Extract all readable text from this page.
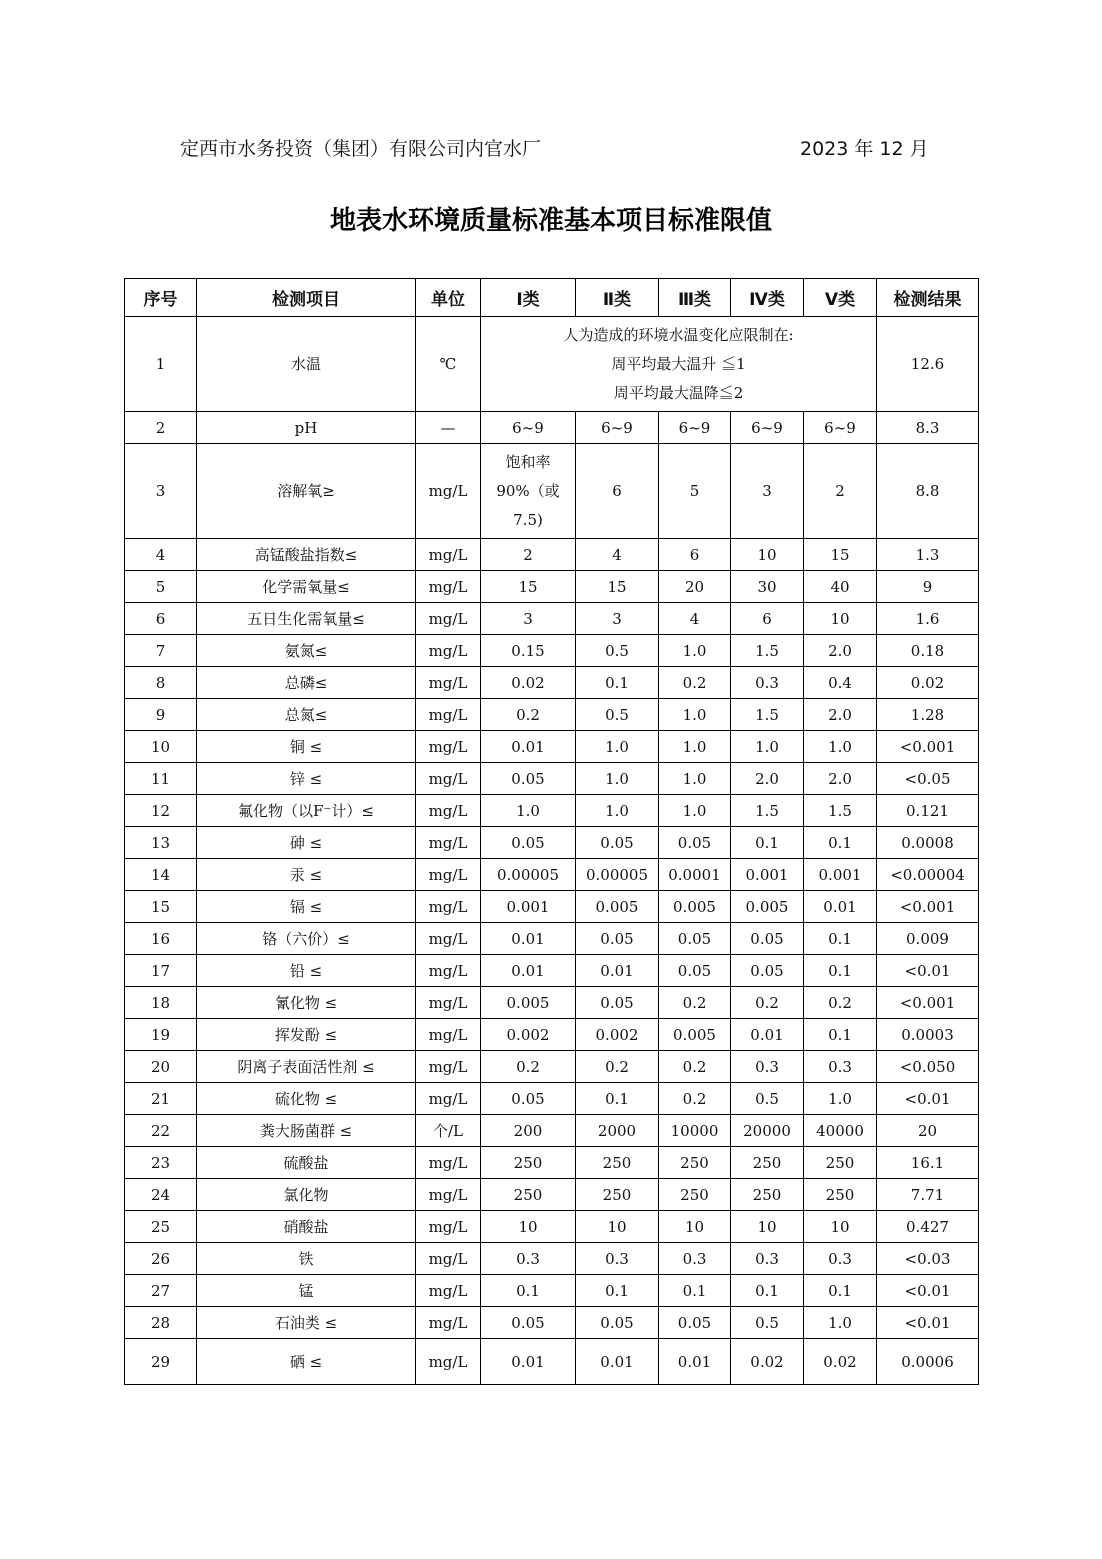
定西市水务投资（集团）有限公司内官水厂	2023 年 12 月
地表水环境质量标准基本项目标准限值
序号	检测项目	单位	Ⅰ类	Ⅱ类	Ⅲ类	Ⅳ类	Ⅴ类	检测结果
1	水温	℃	人为造成的环境水温变化应限制在:
周平均最大温升 ≦1
周平均最大温降≦2					12.6
2	pH	—	6~9	6~9	6~9	6~9	6~9	8.3
3	溶解氧≥	mg/L	饱和率
90%（或
7.5)	6	5	3	2	8.8
4	高锰酸盐指数≤	mg/L	2	4	6	10	15	1.3
5	化学需氧量≤	mg/L	15	15	20	30	40	9
6	五日生化需氧量≤	mg/L	3	3	4	6	10	1.6
7	氨氮≤	mg/L	0.15	0.5	1.0	1.5	2.0	0.18
8	总磷≤	mg/L	0.02	0.1	0.2	0.3	0.4	0.02
9	总氮≤	mg/L	0.2	0.5	1.0	1.5	2.0	1.28
10	铜 ≤	mg/L	0.01	1.0	1.0	1.0	1.0	<0.001
11	锌 ≤	mg/L	0.05	1.0	1.0	2.0	2.0	<0.05
12	氟化物（以F⁻计）≤	mg/L	1.0	1.0	1.0	1.5	1.5	0.121
13	砷 ≤	mg/L	0.05	0.05	0.05	0.1	0.1	0.0008
14	汞 ≤	mg/L	0.00005	0.00005	0.0001	0.001	0.001	<0.00004
15	镉 ≤	mg/L	0.001	0.005	0.005	0.005	0.01	<0.001
16	铬（六价）≤	mg/L	0.01	0.05	0.05	0.05	0.1	0.009
17	铅 ≤	mg/L	0.01	0.01	0.05	0.05	0.1	<0.01
18	氰化物 ≤	mg/L	0.005	0.05	0.2	0.2	0.2	<0.001
19	挥发酚 ≤	mg/L	0.002	0.002	0.005	0.01	0.1	0.0003
20	阴离子表面活性剂 ≤	mg/L	0.2	0.2	0.2	0.3	0.3	<0.050
21	硫化物 ≤	mg/L	0.05	0.1	0.2	0.5	1.0	<0.01
22	粪大肠菌群 ≤	个/L	200	2000	10000	20000	40000	20
23	硫酸盐	mg/L	250	250	250	250	250	16.1
24	氯化物	mg/L	250	250	250	250	250	7.71
25	硝酸盐	mg/L	10	10	10	10	10	0.427
26	铁	mg/L	0.3	0.3	0.3	0.3	0.3	<0.03
27	锰	mg/L	0.1	0.1	0.1	0.1	0.1	<0.01
28	石油类 ≤	mg/L	0.05	0.05	0.05	0.5	1.0	<0.01
29	硒 ≤	mg/L	0.01	0.01	0.01	0.02	0.02	0.0006
